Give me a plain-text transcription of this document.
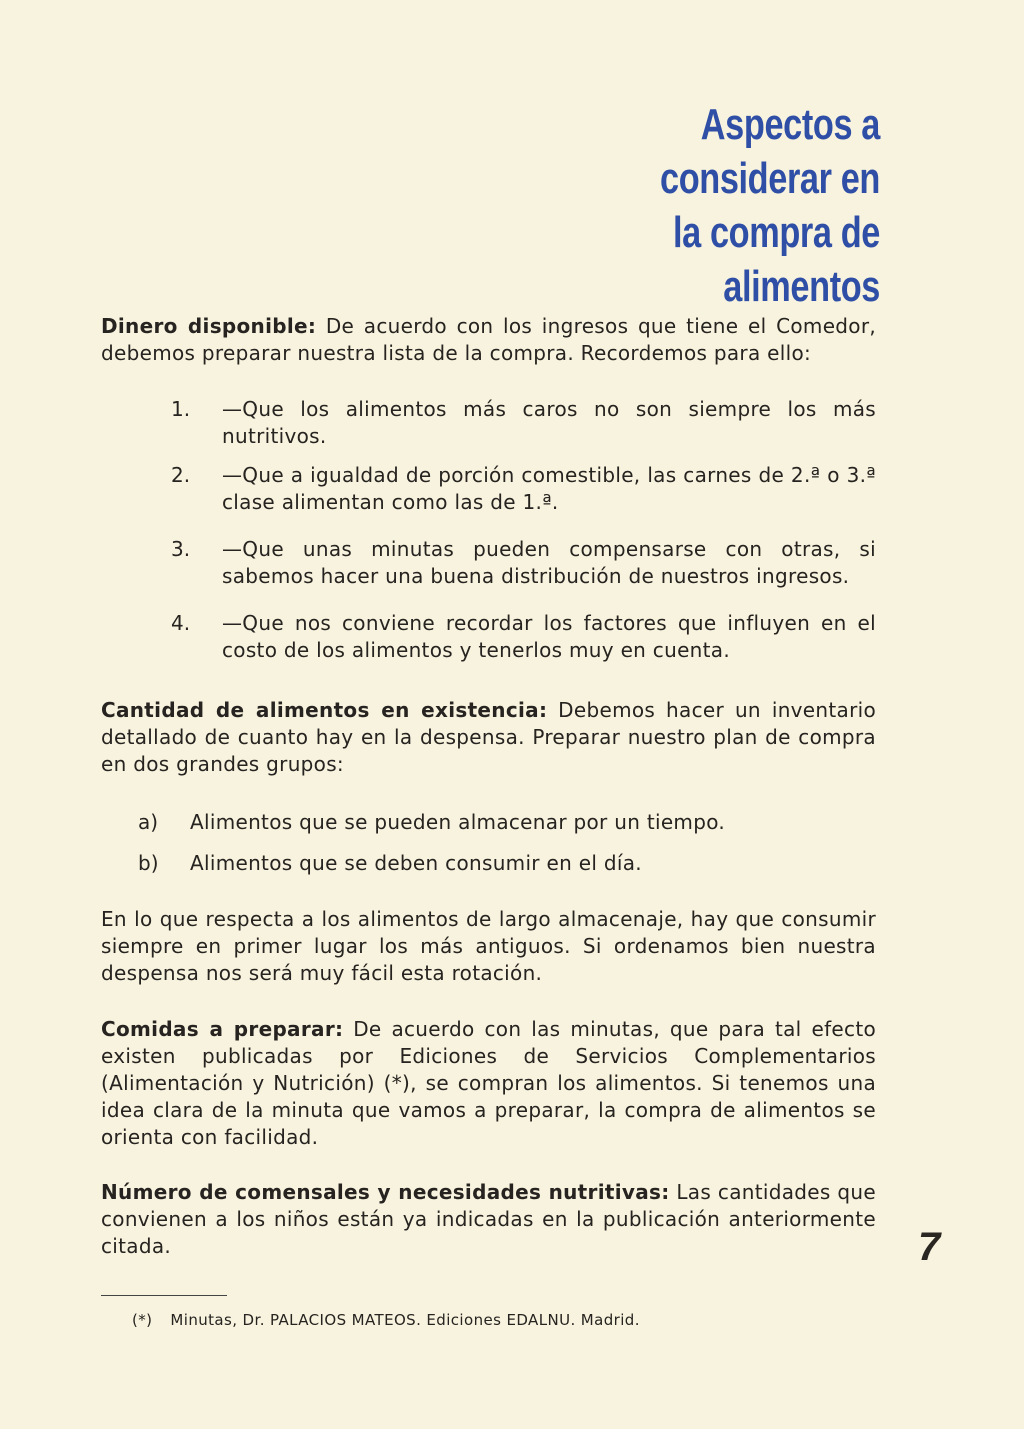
Aspectos a considerar en
la compra de alimentos

Dinero disponible: De acuerdo con los ingresos que tiene el Comedor, debemos preparar nuestra lista de la compra. Recordemos para ello:

1.	—Que los alimentos más caros no son siempre los más nutritivos.
2.	—Que a igualdad de porción comestible, las carnes de 2.ª o 3.ª clase alimentan como las de 1.ª.
3.	—Que unas minutas pueden compensarse con otras, si sabemos hacer una buena distribución de nuestros ingresos.
4.	—Que nos conviene recordar los factores que influyen en el costo de los alimentos y tenerlos muy en cuenta.

Cantidad de alimentos en existencia: Debemos hacer un inventario detallado de cuanto hay en la despensa. Preparar nuestro plan de compra en dos grandes grupos:

a)	Alimentos que se pueden almacenar por un tiempo.
b)	Alimentos que se deben consumir en el día.

En lo que respecta a los alimentos de largo almacenaje, hay que consumir siempre en primer lugar los más antiguos. Si ordenamos bien nuestra despensa nos será muy fácil esta rotación.

Comidas a preparar: De acuerdo con las minutas, que para tal efecto existen publicadas por Ediciones de Servicios Complementarios (Alimentación y Nutrición) (*), se compran los alimentos. Si tenemos una idea clara de la minuta que vamos a preparar, la compra de alimentos se orienta con facilidad.

Número de comensales y necesidades nutritivas: Las cantidades que convienen a los niños están ya indicadas en la publicación anteriormente citada.	7
(*) Minutas, Dr. PALACIOS MATEOS. Ediciones EDALNU. Madrid.
